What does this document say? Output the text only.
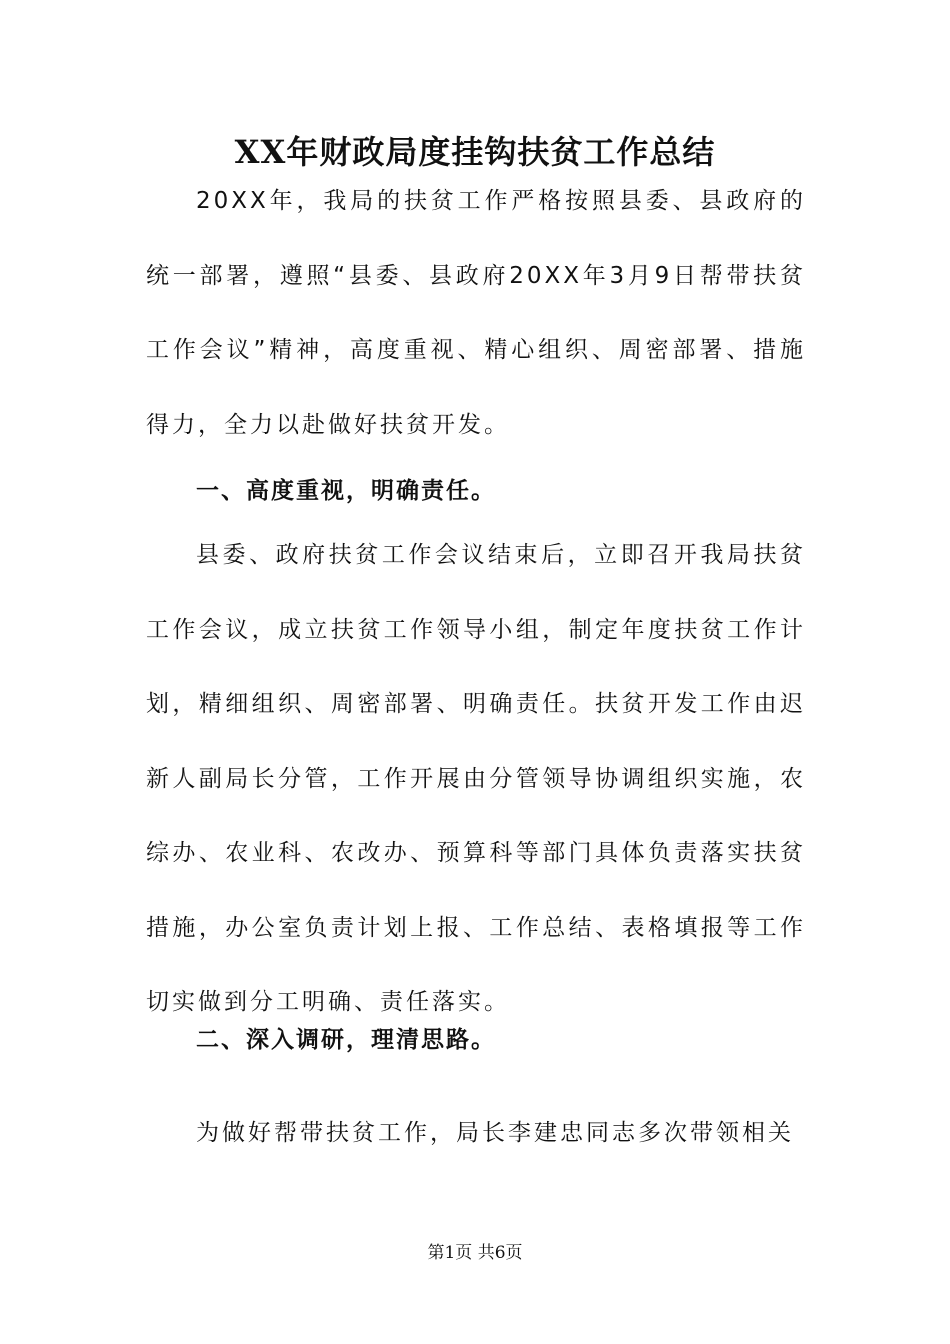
XX年财政局度挂钩扶贫工作总结

20XX年，我局的扶贫工作严格按照县委、县政府的统一部署，遵照“县委、县政府20XX年3月9日帮带扶贫工作会议”精神，高度重视、精心组织、周密部署、措施得力，全力以赴做好扶贫开发。

一、高度重视，明确责任。

县委、政府扶贫工作会议结束后，立即召开我局扶贫工作会议，成立扶贫工作领导小组，制定年度扶贫工作计划，精细组织、周密部署、明确责任。扶贫开发工作由迟新人副局长分管，工作开展由分管领导协调组织实施，农综办、农业科、农改办、预算科等部门具体负责落实扶贫措施，办公室负责计划上报、工作总结、表格填报等工作切实做到分工明确、责任落实。

二、深入调研，理清思路。

为做好帮带扶贫工作，局长李建忠同志多次带领相关

第1页 共6页
